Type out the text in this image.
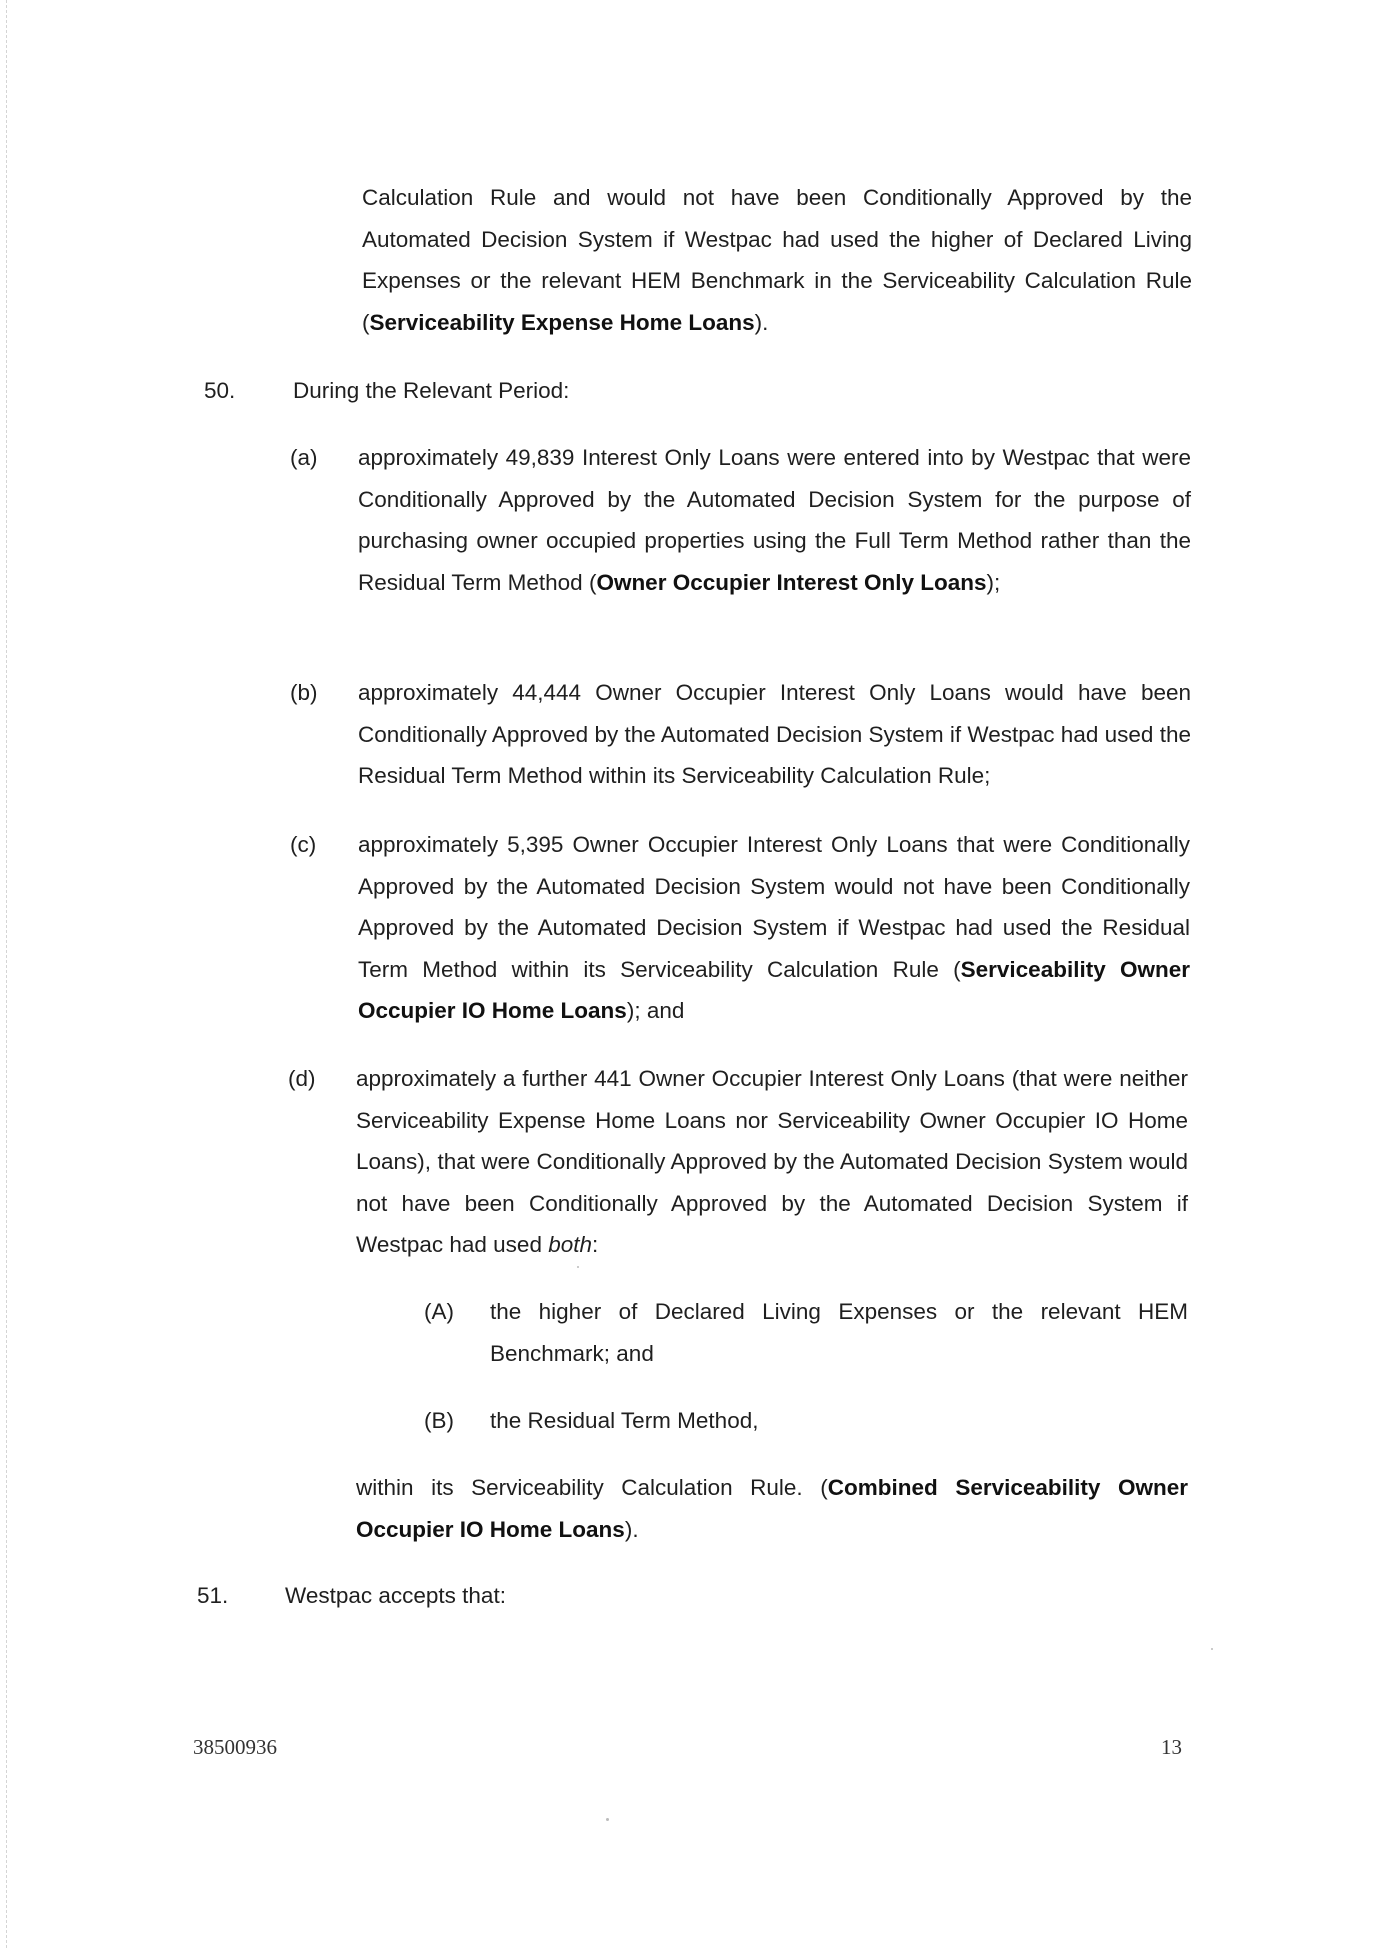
Calculation Rule and would not have been Conditionally Approved by the Automated Decision System if Westpac had used the higher of Declared Living Expenses or the relevant HEM Benchmark in the Serviceability Calculation Rule (Serviceability Expense Home Loans).

50.	During the Relevant Period:

(a) approximately 49,839 Interest Only Loans were entered into by Westpac that were Conditionally Approved by the Automated Decision System for the purpose of purchasing owner occupied properties using the Full Term Method rather than the Residual Term Method (Owner Occupier Interest Only Loans);

(b) approximately 44,444 Owner Occupier Interest Only Loans would have been Conditionally Approved by the Automated Decision System if Westpac had used the Residual Term Method within its Serviceability Calculation Rule;

(c) approximately 5,395 Owner Occupier Interest Only Loans that were Conditionally Approved by the Automated Decision System would not have been Conditionally Approved by the Automated Decision System if Westpac had used the Residual Term Method within its Serviceability Calculation Rule (Serviceability Owner Occupier IO Home Loans); and

(d) approximately a further 441 Owner Occupier Interest Only Loans (that were neither Serviceability Expense Home Loans nor Serviceability Owner Occupier IO Home Loans), that were Conditionally Approved by the Automated Decision System would not have been Conditionally Approved by the Automated Decision System if Westpac had used both:

(A) the higher of Declared Living Expenses or the relevant HEM Benchmark; and

(B) the Residual Term Method,

within its Serviceability Calculation Rule. (Combined Serviceability Owner Occupier IO Home Loans).

51.	Westpac accepts that:

38500936	13
